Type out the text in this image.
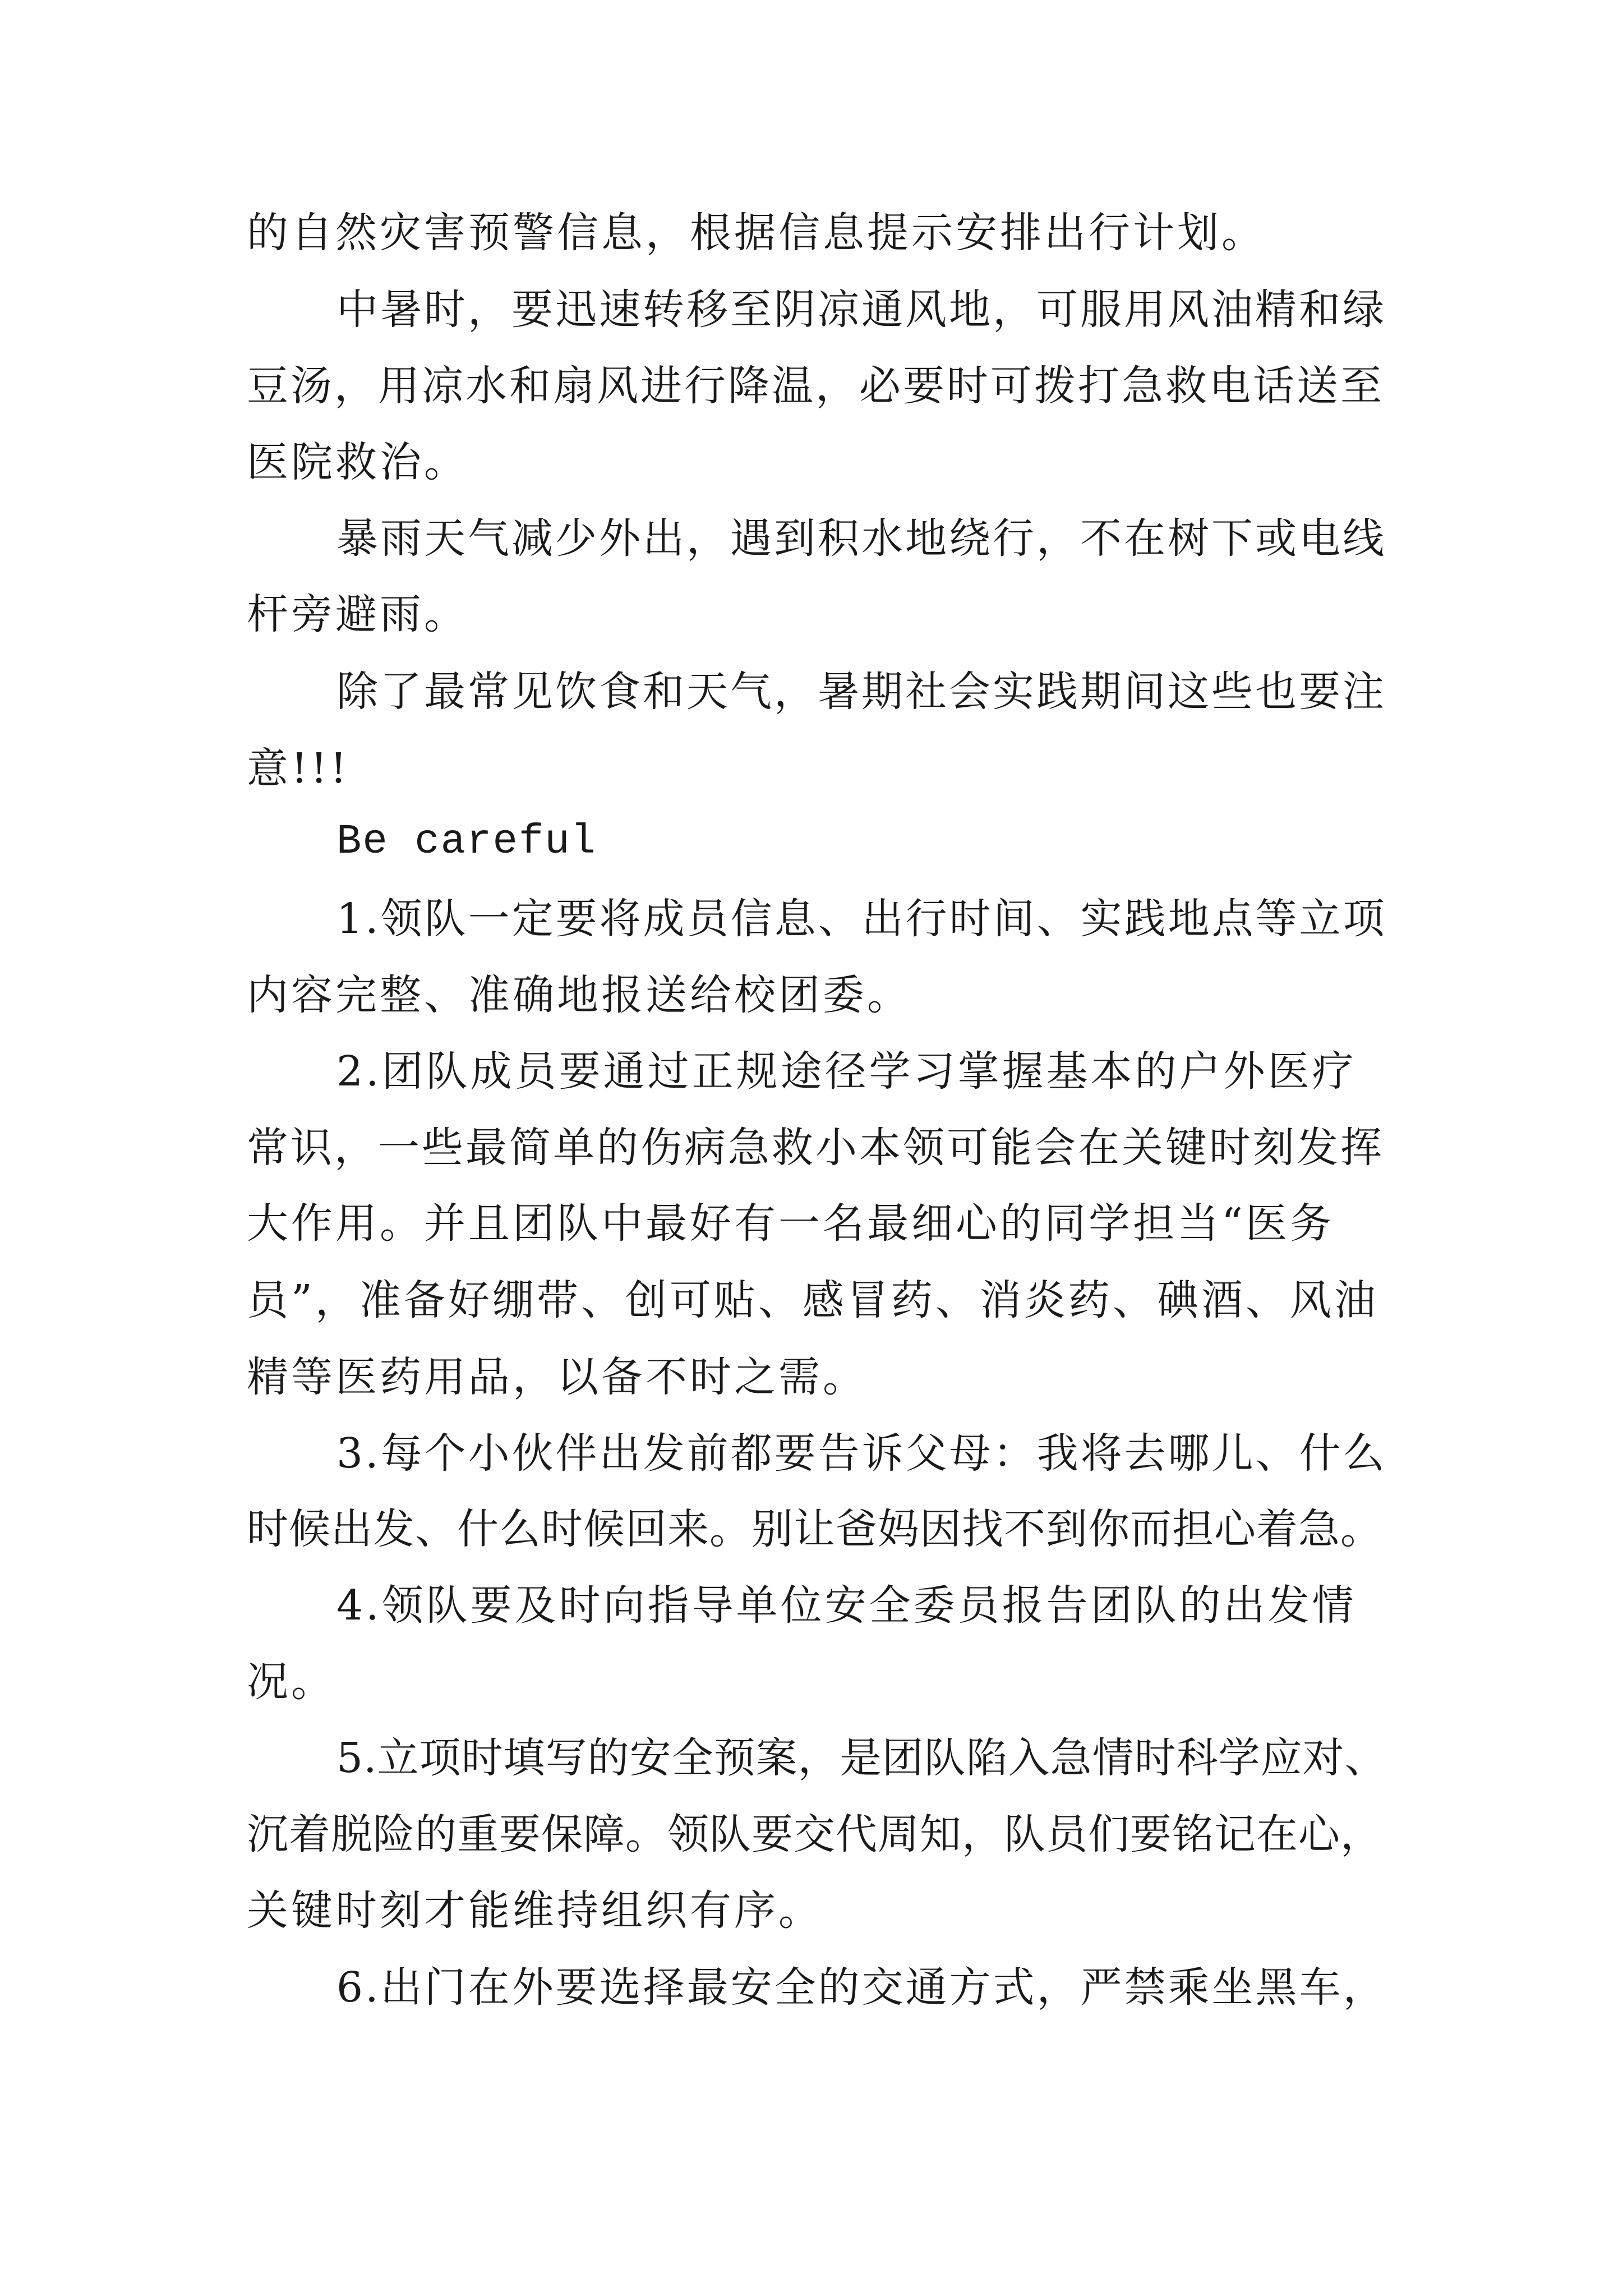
的自然灾害预警信息，根据信息提示安排出行计划。
中暑时，要迅速转移至阴凉通风地，可服用风油精和绿
豆汤，用凉水和扇风进行降温，必要时可拨打急救电话送至
医院救治。
暴雨天气减少外出，遇到积水地绕行，不在树下或电线
杆旁避雨。
除了最常见饮食和天气，暑期社会实践期间这些也要注
意!!!
Be careful
1.领队一定要将成员信息、出行时间、实践地点等立项
内容完整、准确地报送给校团委。
2.团队成员要通过正规途径学习掌握基本的户外医疗
常识，一些最简单的伤病急救小本领可能会在关键时刻发挥
大作用。并且团队中最好有一名最细心的同学担当“医务
员”，准备好绷带、创可贴、感冒药、消炎药、碘酒、风油
精等医药用品，以备不时之需。
3.每个小伙伴出发前都要告诉父母：我将去哪儿、什么
时候出发、什么时候回来。别让爸妈因找不到你而担心着急。
4.领队要及时向指导单位安全委员报告团队的出发情
况。
5.立项时填写的安全预案，是团队陷入急情时科学应对、
沉着脱险的重要保障。领队要交代周知，队员们要铭记在心，
关键时刻才能维持组织有序。
6.出门在外要选择最安全的交通方式，严禁乘坐黑车，
